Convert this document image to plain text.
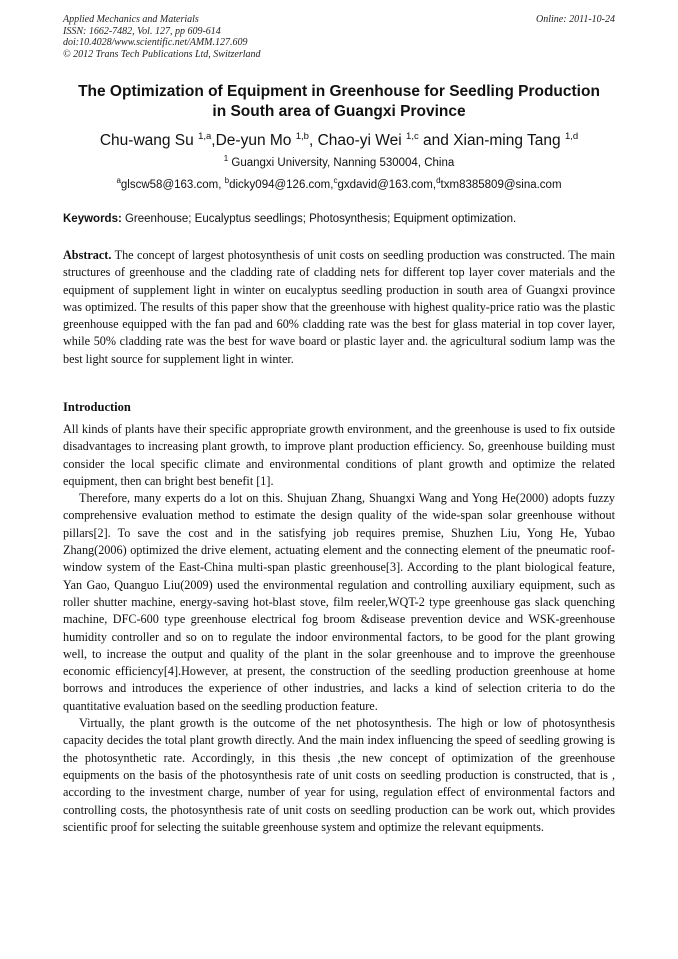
Applied Mechanics and Materials
ISSN: 1662-7482, Vol. 127, pp 609-614
doi:10.4028/www.scientific.net/AMM.127.609
© 2012 Trans Tech Publications Ltd, Switzerland
Online: 2011-10-24
The Optimization of Equipment in Greenhouse for Seedling Production
in South area of Guangxi Province
Chu-wang Su $^{1,a}$,De-yun Mo $^{1,b}$, Chao-yi Wei $^{1,c}$ and Xian-ming Tang $^{1,d}$
$^1$ Guangxi University, Nanning 530004, China
$^a$glscw58@163.com, $^b$dicky094@126.com,$^c$gxdavid@163.com,$^d$txm8385809@sina.com
Keywords: Greenhouse; Eucalyptus seedlings; Photosynthesis; Equipment optimization.
Abstract. The concept of largest photosynthesis of unit costs on seedling production was constructed. The main structures of greenhouse and the cladding rate of cladding nets for different top layer cover materials and the equipment of supplement light in winter on eucalyptus seedling production in south area of Guangxi province was optimized. The results of this paper show that the greenhouse with highest quality-price ratio was the plastic greenhouse equipped with the fan pad and 60% cladding rate was the best for glass material in top cover layer, while 50% cladding rate was the best for wave board or plastic layer and. the agricultural sodium lamp was the best light source for supplement light in winter.
Introduction

All kinds of plants have their specific appropriate growth environment, and the greenhouse is used to fix outside disadvantages to increasing plant growth, to improve plant production efficiency. So, greenhouse building must consider the local specific climate and environmental conditions of plant growth and optimize the related equipment, then can bright best benefit [1].

Therefore, many experts do a lot on this. Shujuan Zhang, Shuangxi Wang and Yong He(2000) adopts fuzzy comprehensive evaluation method to estimate the design quality of the wide-span solar greenhouse without pillars[2]. To save the cost and in the satisfying job requires premise, Shuzhen Liu, Yong He, Yubao Zhang(2006) optimized the drive element, actuating element and the connecting element of the pneumatic roof-window system of the East-China multi-span plastic greenhouse[3]. According to the plant biological feature, Yan Gao, Quanguo Liu(2009) used the environmental regulation and controlling auxiliary equipment, such as roller shutter machine, energy-saving hot-blast stove, film reeler,WQT-2 type greenhouse gas slack quenching machine, DFC-600 type greenhouse electrical fog broom &disease prevention device and WSK-greenhouse humidity controller and so on to regulate the indoor environmental factors, to be good for the plant growing well, to increase the output and quality of the plant in the solar greenhouse and to improve the greenhouse economic efficiency[4].However, at present, the construction of the seedling production greenhouse at home borrows and introduces the experience of other industries, and lacks a kind of selection criteria to do the quantitative evaluation based on the seedling production feature.

Virtually, the plant growth is the outcome of the net photosynthesis. The high or low of photosynthesis capacity decides the total plant growth directly. And the main index influencing the speed of seedling growing is the photosynthetic rate. Accordingly, in this thesis ,the new concept of optimization of the greenhouse equipments on the basis of the photosynthesis rate of unit costs on seedling production is constructed, that is , according to the investment charge, number of year for using, regulation effect of environmental factors and controlling costs, the photosynthesis rate of unit costs on seedling production can be work out, which provides scientific proof for selecting the suitable greenhouse system and optimize the relevant equipments.
